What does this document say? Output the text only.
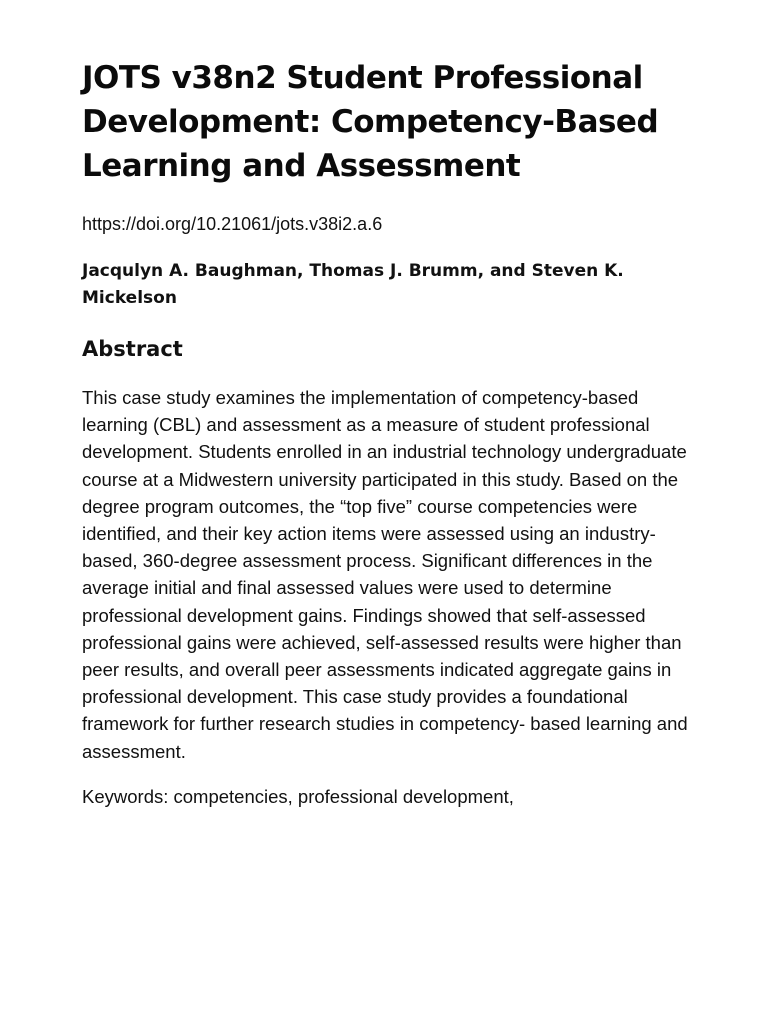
JOTS v38n2 Student Professional Development: Competency-Based Learning and Assessment

https://doi.org/10.21061/jots.v38i2.a.6

Jacqulyn A. Baughman, Thomas J. Brumm, and Steven K. Mickelson

Abstract

This case study examines the implementation of competency-based learning (CBL) and assessment as a measure of student professional development. Students enrolled in an industrial technology undergraduate course at a Midwestern university participated in this study. Based on the degree program outcomes, the “top five” course competencies were identified, and their key action items were assessed using an industry-based, 360-degree assessment process. Significant differences in the average initial and final assessed values were used to determine professional development gains. Findings showed that self-assessed professional gains were achieved, self-assessed results were higher than peer results, and overall peer assessments indicated aggregate gains in professional development. This case study provides a foundational framework for further research studies in competency- based learning and assessment.

Keywords: competencies, professional development,
